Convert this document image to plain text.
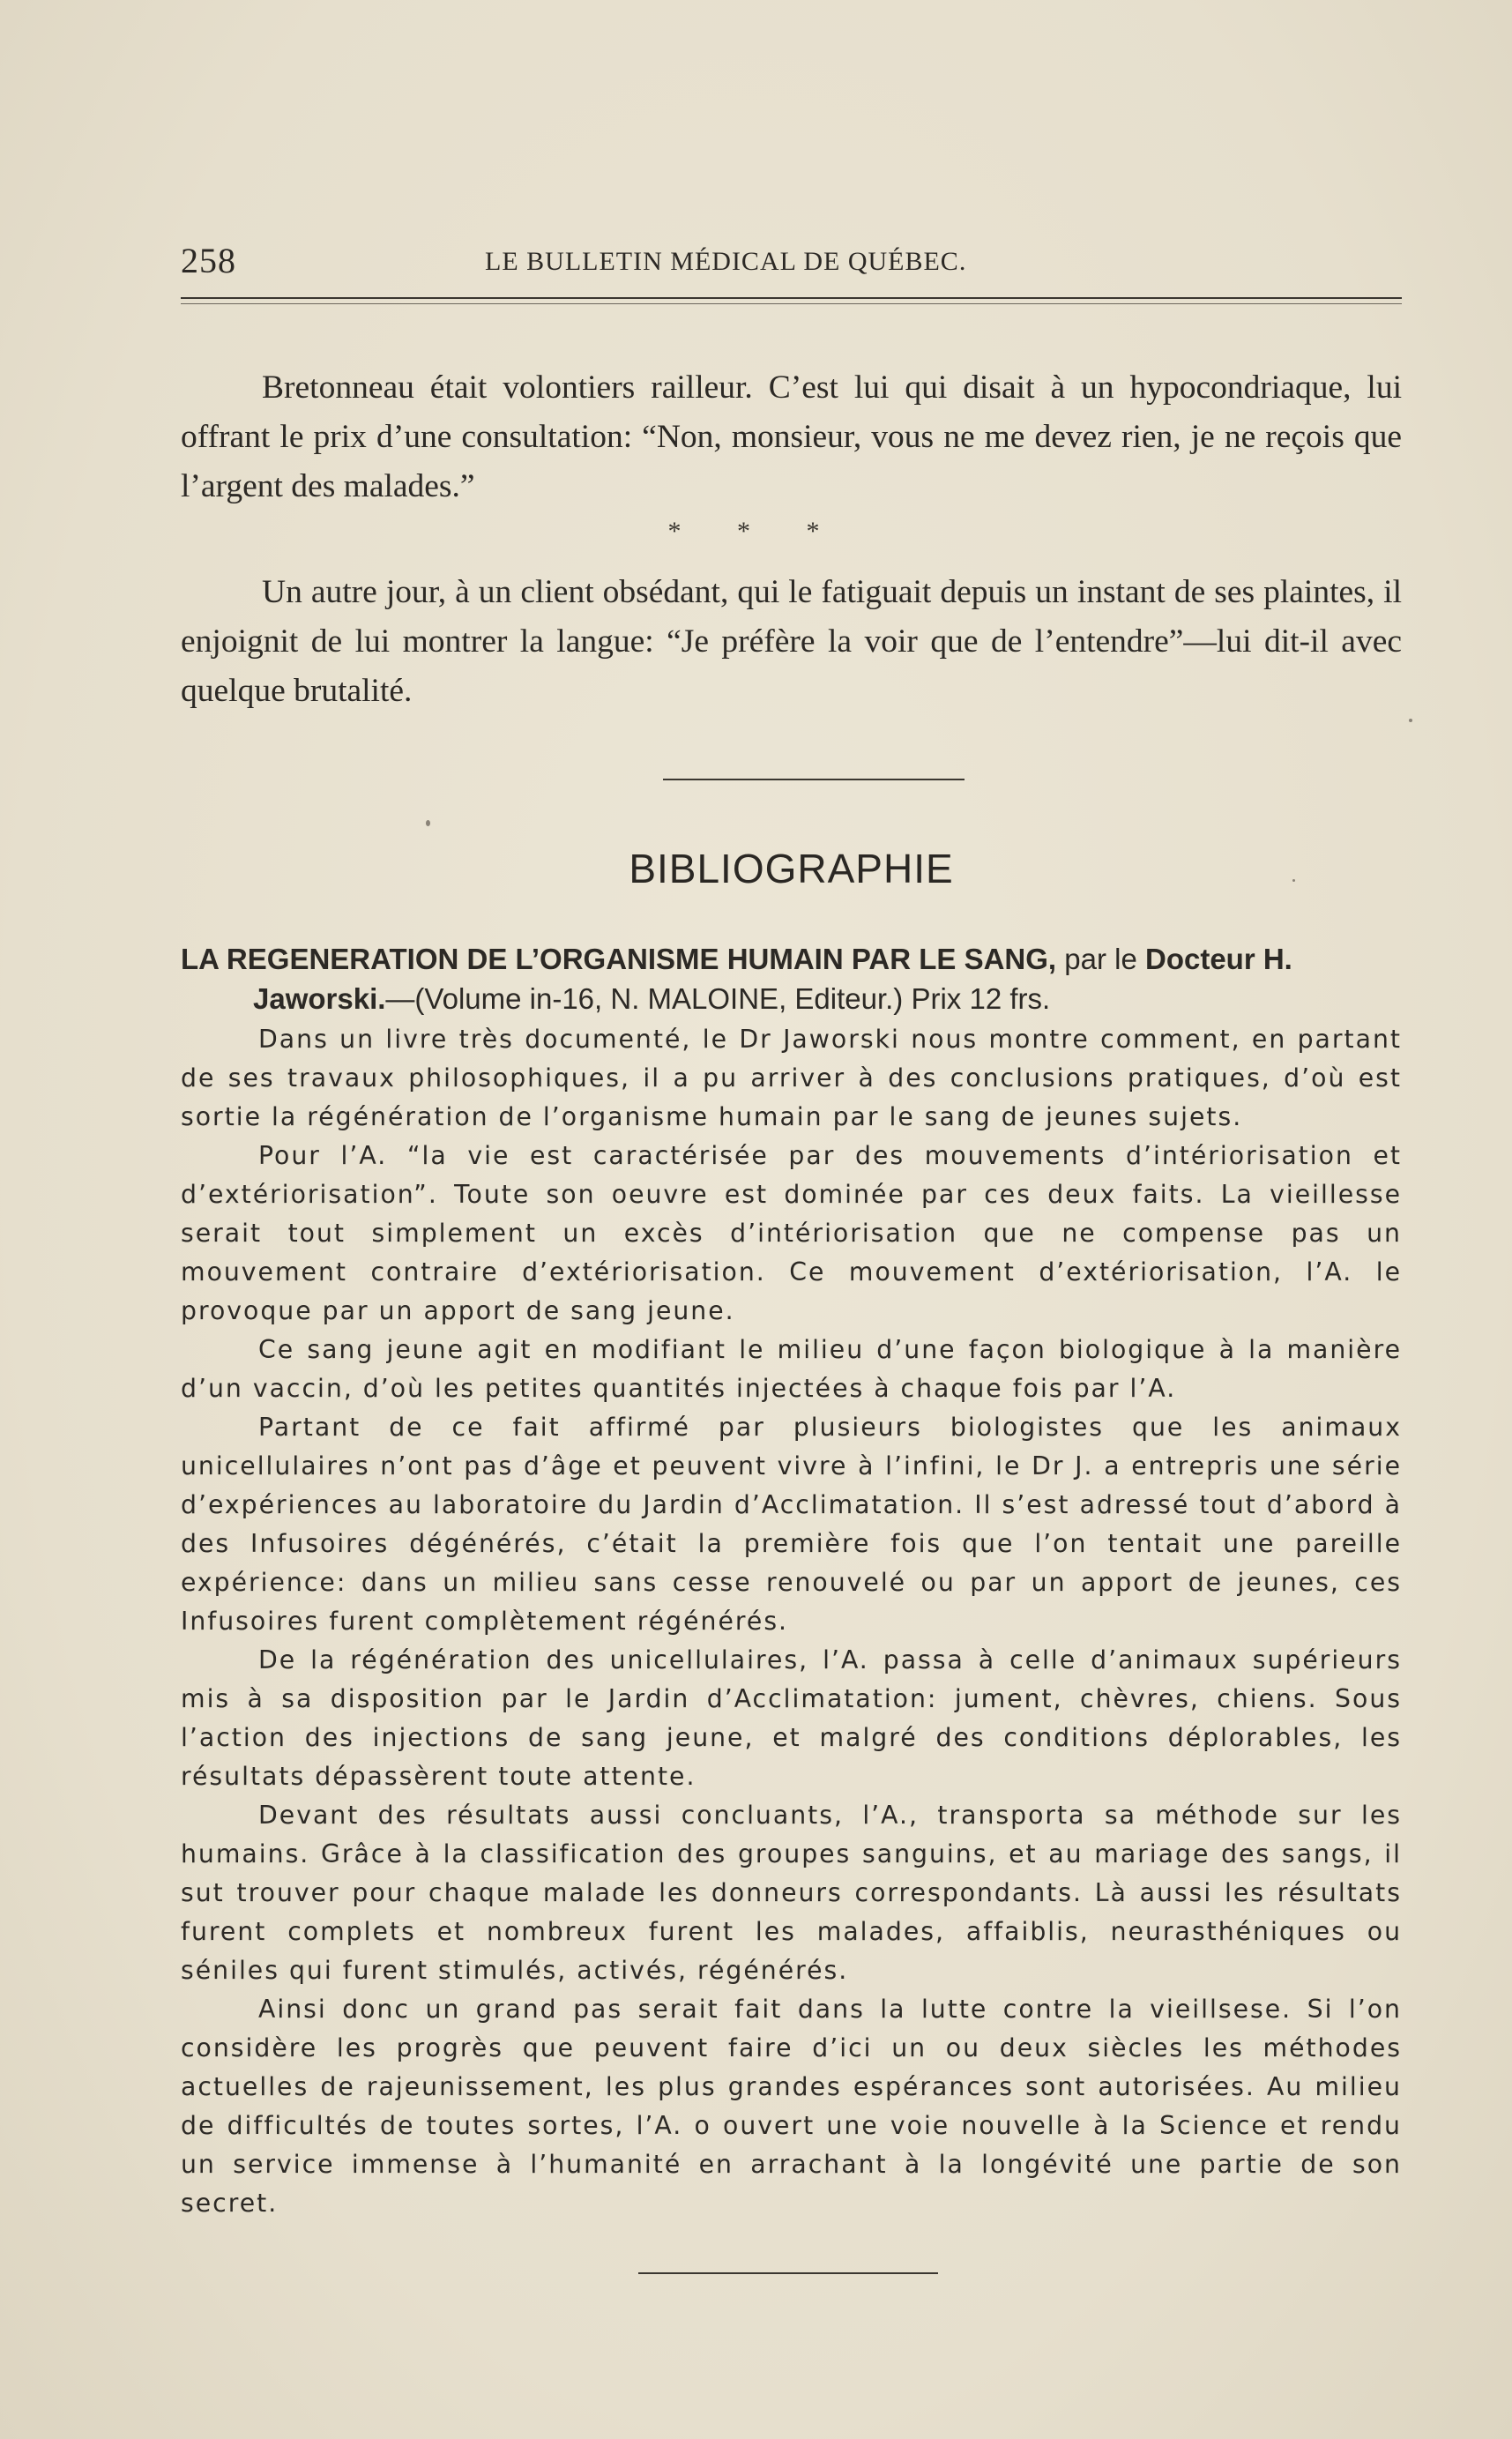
258	LE BULLETIN MÉDICAL DE QUÉBEC.

Bretonneau était volontiers railleur. C’est lui qui disait à un hypocondriaque, lui offrant le prix d’une consultation: “Non, monsieur, vous ne me devez rien, je ne reçois que l’argent des malades.”

* * *

Un autre jour, à un client obsédant, qui le fatiguait depuis un instant de ses plaintes, il enjoignit de lui montrer la langue: “Je préfère la voir que de l’entendre”—lui dit-il avec quelque brutalité.

BIBLIOGRAPHIE
LA REGENERATION DE L’ORGANISME HUMAIN PAR LE SANG, par le Docteur H. Jaworski.—(Volume in-16, N. MALOINE, Editeur.) Prix 12 frs.

Dans un livre très documenté, le Dr Jaworski nous montre comment, en partant de ses travaux philosophiques, il a pu arriver à des conclusions pratiques, d’où est sortie la régénération de l’organisme humain par le sang de jeunes sujets.

Pour l’A. “la vie est caractérisée par des mouvements d’intériorisation et d’extériorisation”. Toute son oeuvre est dominée par ces deux faits. La vieillesse serait tout simplement un excès d’intériorisation que ne compense pas un mouvement contraire d’extériorisation. Ce mouvement d’extériorisation, l’A. le provoque par un apport de sang jeune.

Ce sang jeune agit en modifiant le milieu d’une façon biologique à la manière d’un vaccin, d’où les petites quantités injectées à chaque fois par l’A.

Partant de ce fait affirmé par plusieurs biologistes que les animaux unicellulaires n’ont pas d’âge et peuvent vivre à l’infini, le Dr J. a entrepris une série d’expériences au laboratoire du Jardin d’Acclimatation. Il s’est adressé tout d’abord à des Infusoires dégénérés, c’était la première fois que l’on tentait une pareille expérience: dans un milieu sans cesse renouvelé ou par un apport de jeunes, ces Infusoires furent complètement régénérés.

De la régénération des unicellulaires, l’A. passa à celle d’animaux supérieurs mis à sa disposition par le Jardin d’Acclimatation: jument, chèvres, chiens. Sous l’action des injections de sang jeune, et malgré des conditions déplorables, les résultats dépassèrent toute attente.

Devant des résultats aussi concluants, l’A., transporta sa méthode sur les humains. Grâce à la classification des groupes sanguins, et au mariage des sangs, il sut trouver pour chaque malade les donneurs correspondants. Là aussi les résultats furent complets et nombreux furent les malades, affaiblis, neurasthéniques ou séniles qui furent stimulés, activés, régénérés.

Ainsi donc un grand pas serait fait dans la lutte contre la vieillsese. Si l’on considère les progrès que peuvent faire d’ici un ou deux siècles les méthodes actuelles de rajeunissement, les plus grandes espérances sont autorisées. Au milieu de difficultés de toutes sortes, l’A. o ouvert une voie nouvelle à la Science et rendu un service immense à l’humanité en arrachant à la longévité une partie de son secret.
